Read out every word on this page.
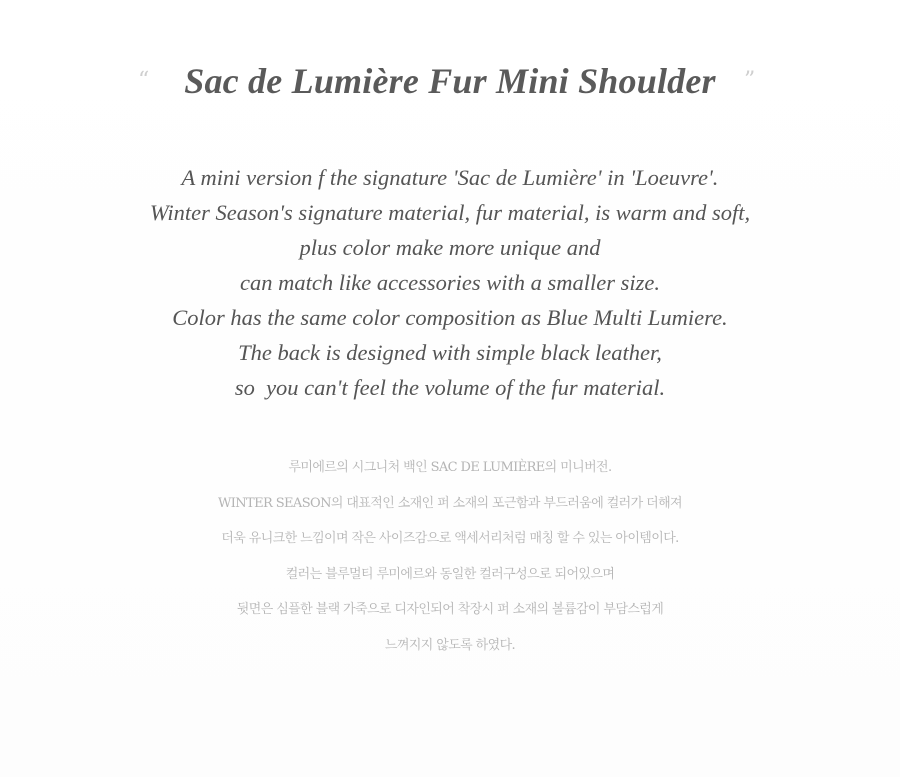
“ Sac de Lumière Fur Mini Shoulder ”
A mini version f the signature 'Sac de Lumière' in 'Loeuvre'.
Winter Season's signature material, fur material, is warm and soft,
plus color make more unique and
can match like accessories with a smaller size.
Color has the same color composition as Blue Multi Lumiere.
The back is designed with simple black leather,
so  you can't feel the volume of the fur material.
루미에르의 시그니처 백인 SAC DE LUMIÈRE의 미니버전.
WINTER SEASON의 대표적인 소재인 퍼 소재의 포근함과 부드러움에 컬러가 더해져
더욱 유니크한 느낌이며 작은 사이즈감으로 액세서리처럼 매칭 할 수 있는 아이템이다.
컬러는 블루멀티 루미에르와 동일한 컬러구성으로 되어있으며
뒷면은 심플한 블랙 가죽으로 디자인되어 착장시 퍼 소재의 볼륨감이 부담스럽게
느껴지지 않도록 하였다.
